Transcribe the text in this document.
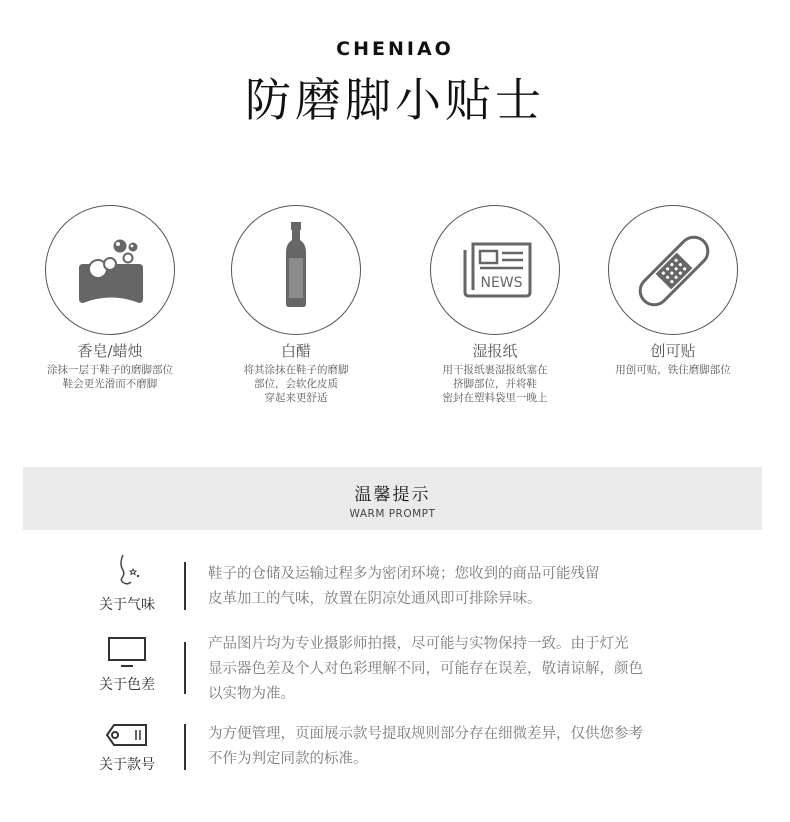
CHENIAO
防磨脚小贴士
香皂/蜡烛
涂抹一层于鞋子的磨脚部位
鞋会更光滑而不磨脚
白醋
将其涂抹在鞋子的磨脚
部位，会软化皮质
穿起来更舒适
NEWS
湿报纸
用干报纸裹湿报纸塞在
挤脚部位，并将鞋
密封在塑料袋里一晚上
创可贴
用创可贴，铁住磨脚部位
温馨提示
WARM PROMPT
关于气味
鞋子的仓储及运输过程多为密闭环境；您收到的商品可能残留
皮革加工的气味，放置在阴凉处通风即可排除异味。
关于色差
产品图片均为专业摄影师拍摄，尽可能与实物保持一致。由于灯光
显示器色差及个人对色彩理解不同，可能存在误差，敬请谅解，颜色
以实物为准。
关于款号
为方便管理，页面展示款号提取规则部分存在细微差异，仅供您参考
不作为判定同款的标准。
